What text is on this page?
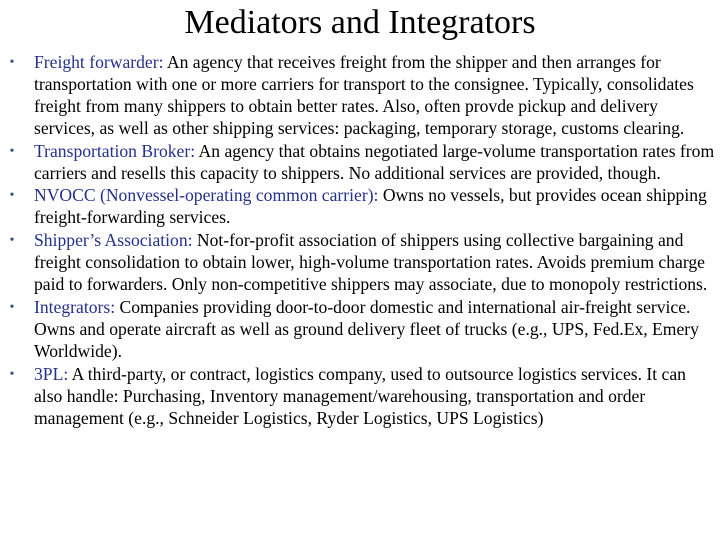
Mediators and Integrators
• Freight forwarder: An agency that receives freight from the shipper and then arranges for transportation with one or more carriers for transport to the consignee. Typically, consolidates freight from many shippers to obtain better rates. Also, often provde pickup and delivery services, as well as other shipping services: packaging, temporary storage, customs clearing.
• Transportation Broker: An agency that obtains negotiated large-volume transportation rates from carriers and resells this capacity to shippers. No additional services are provided, though.
• NVOCC (Nonvessel-operating common carrier): Owns no vessels, but provides ocean shipping freight-forwarding services.
• Shipper’s Association: Not-for-profit association of shippers using collective bargaining and freight consolidation to obtain lower, high-volume transportation rates. Avoids premium charge paid to forwarders. Only non-competitive shippers may associate, due to monopoly restrictions.
• Integrators: Companies providing door-to-door domestic and international air-freight service. Owns and operate aircraft as well as ground delivery fleet of trucks (e.g., UPS, Fed.Ex, Emery Worldwide).
• 3PL: A third-party, or contract, logistics company, used to outsource logistics services. It can also handle: Purchasing, Inventory management/warehousing, transportation and order management (e.g., Schneider Logistics, Ryder Logistics, UPS Logistics)
